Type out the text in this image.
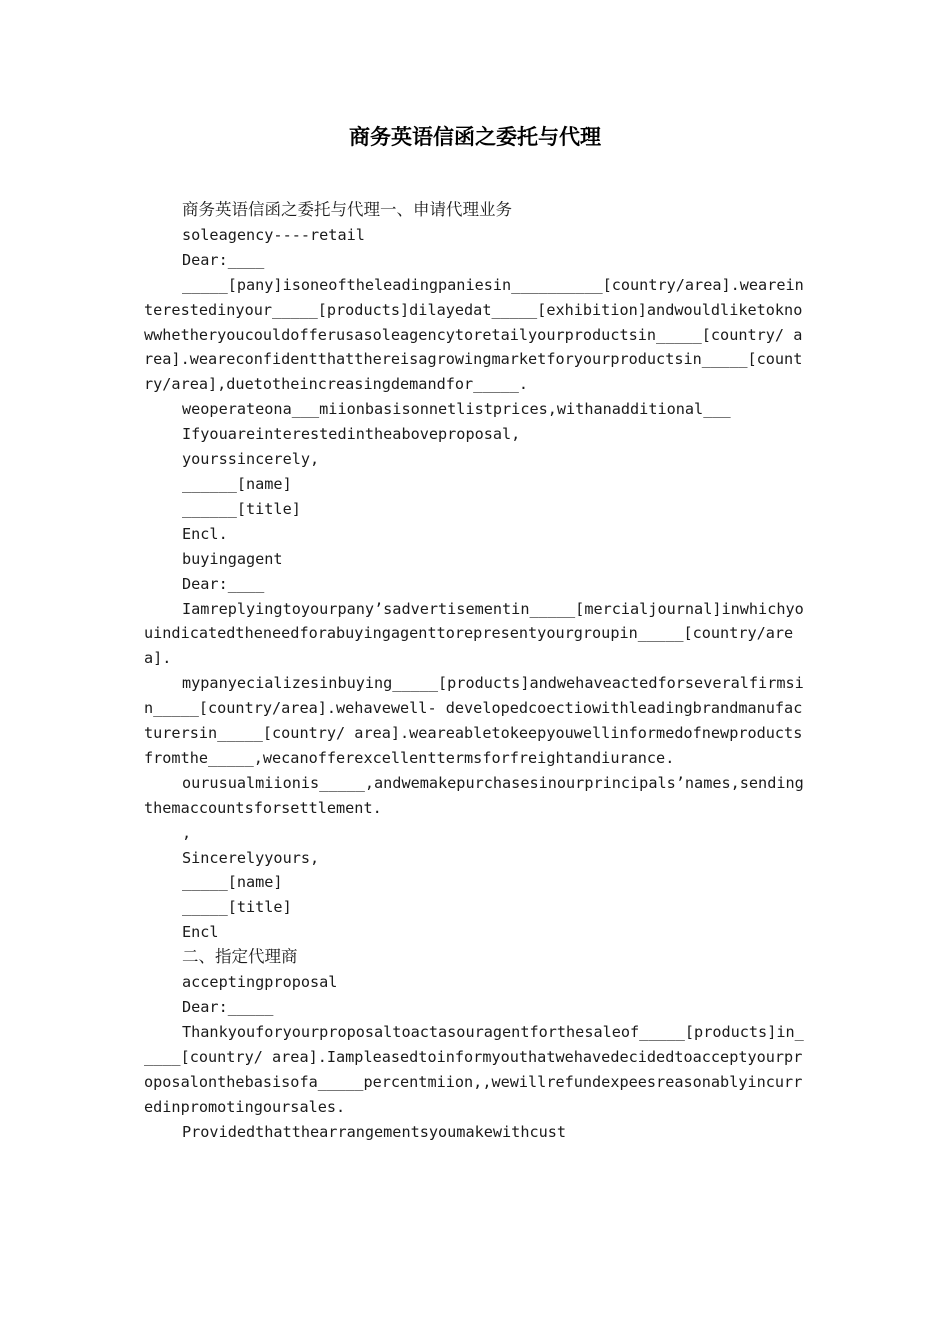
商务英语信函之委托与代理

商务英语信函之委托与代理一、申请代理业务

soleagency----retail

Dear:____

_____[pany]isoneoftheleadingpaniesin__________[country/area].weareinterestedinyour_____[products]dilayedat_____[exhibition]andwouldliketoknowwhetheryoucouldofferusasoleagencytoretailyourproductsin_____[country/ area].weareconfidentthatthereisagrowingmarketforyourproductsin_____[country/area],duetotheincreasingdemandfor_____.

weoperateona___miionbasisonnetlistprices,withanadditional___

Ifyouareinterestedintheaboveproposal,

yourssincerely,

______[name]

______[title]

Encl.

buyingagent

Dear:____

Iamreplyingtoyourpany’sadvertisementin_____[mercialjournal]inwhichyouindicatedtheneedforabuyingagenttorepresentyourgroupin_____[country/area].

mypanyecializesinbuying_____[products]andwehaveactedforseveralfirmsin_____[country/area].wehavewell- developedcoectiowithleadingbrandmanufacturersin_____[country/ area].weareabletokeepyouwellinformedofnewproductsfromthe_____,wecanofferexcellenttermsforfreightandiurance.

ourusualmiionis_____,andwemakepurchasesinourprincipals’names,sendingthemaccountsforsettlement.

,

Sincerelyyours,

_____[name]

_____[title]

Encl

二、指定代理商

acceptingproposal

Dear:_____

Thankyouforyourproposaltoactasouragentforthesaleof_____[products]in_____[country/ area].Iampleasedtoinformyouthatwehavedecidedtoacceptyourproposalonthebasisofa_____percentmiion,,wewillrefundexpeesreasonablyincurredinpromotingoursales.

Providedthatthearrangementsyoumakewithcust
